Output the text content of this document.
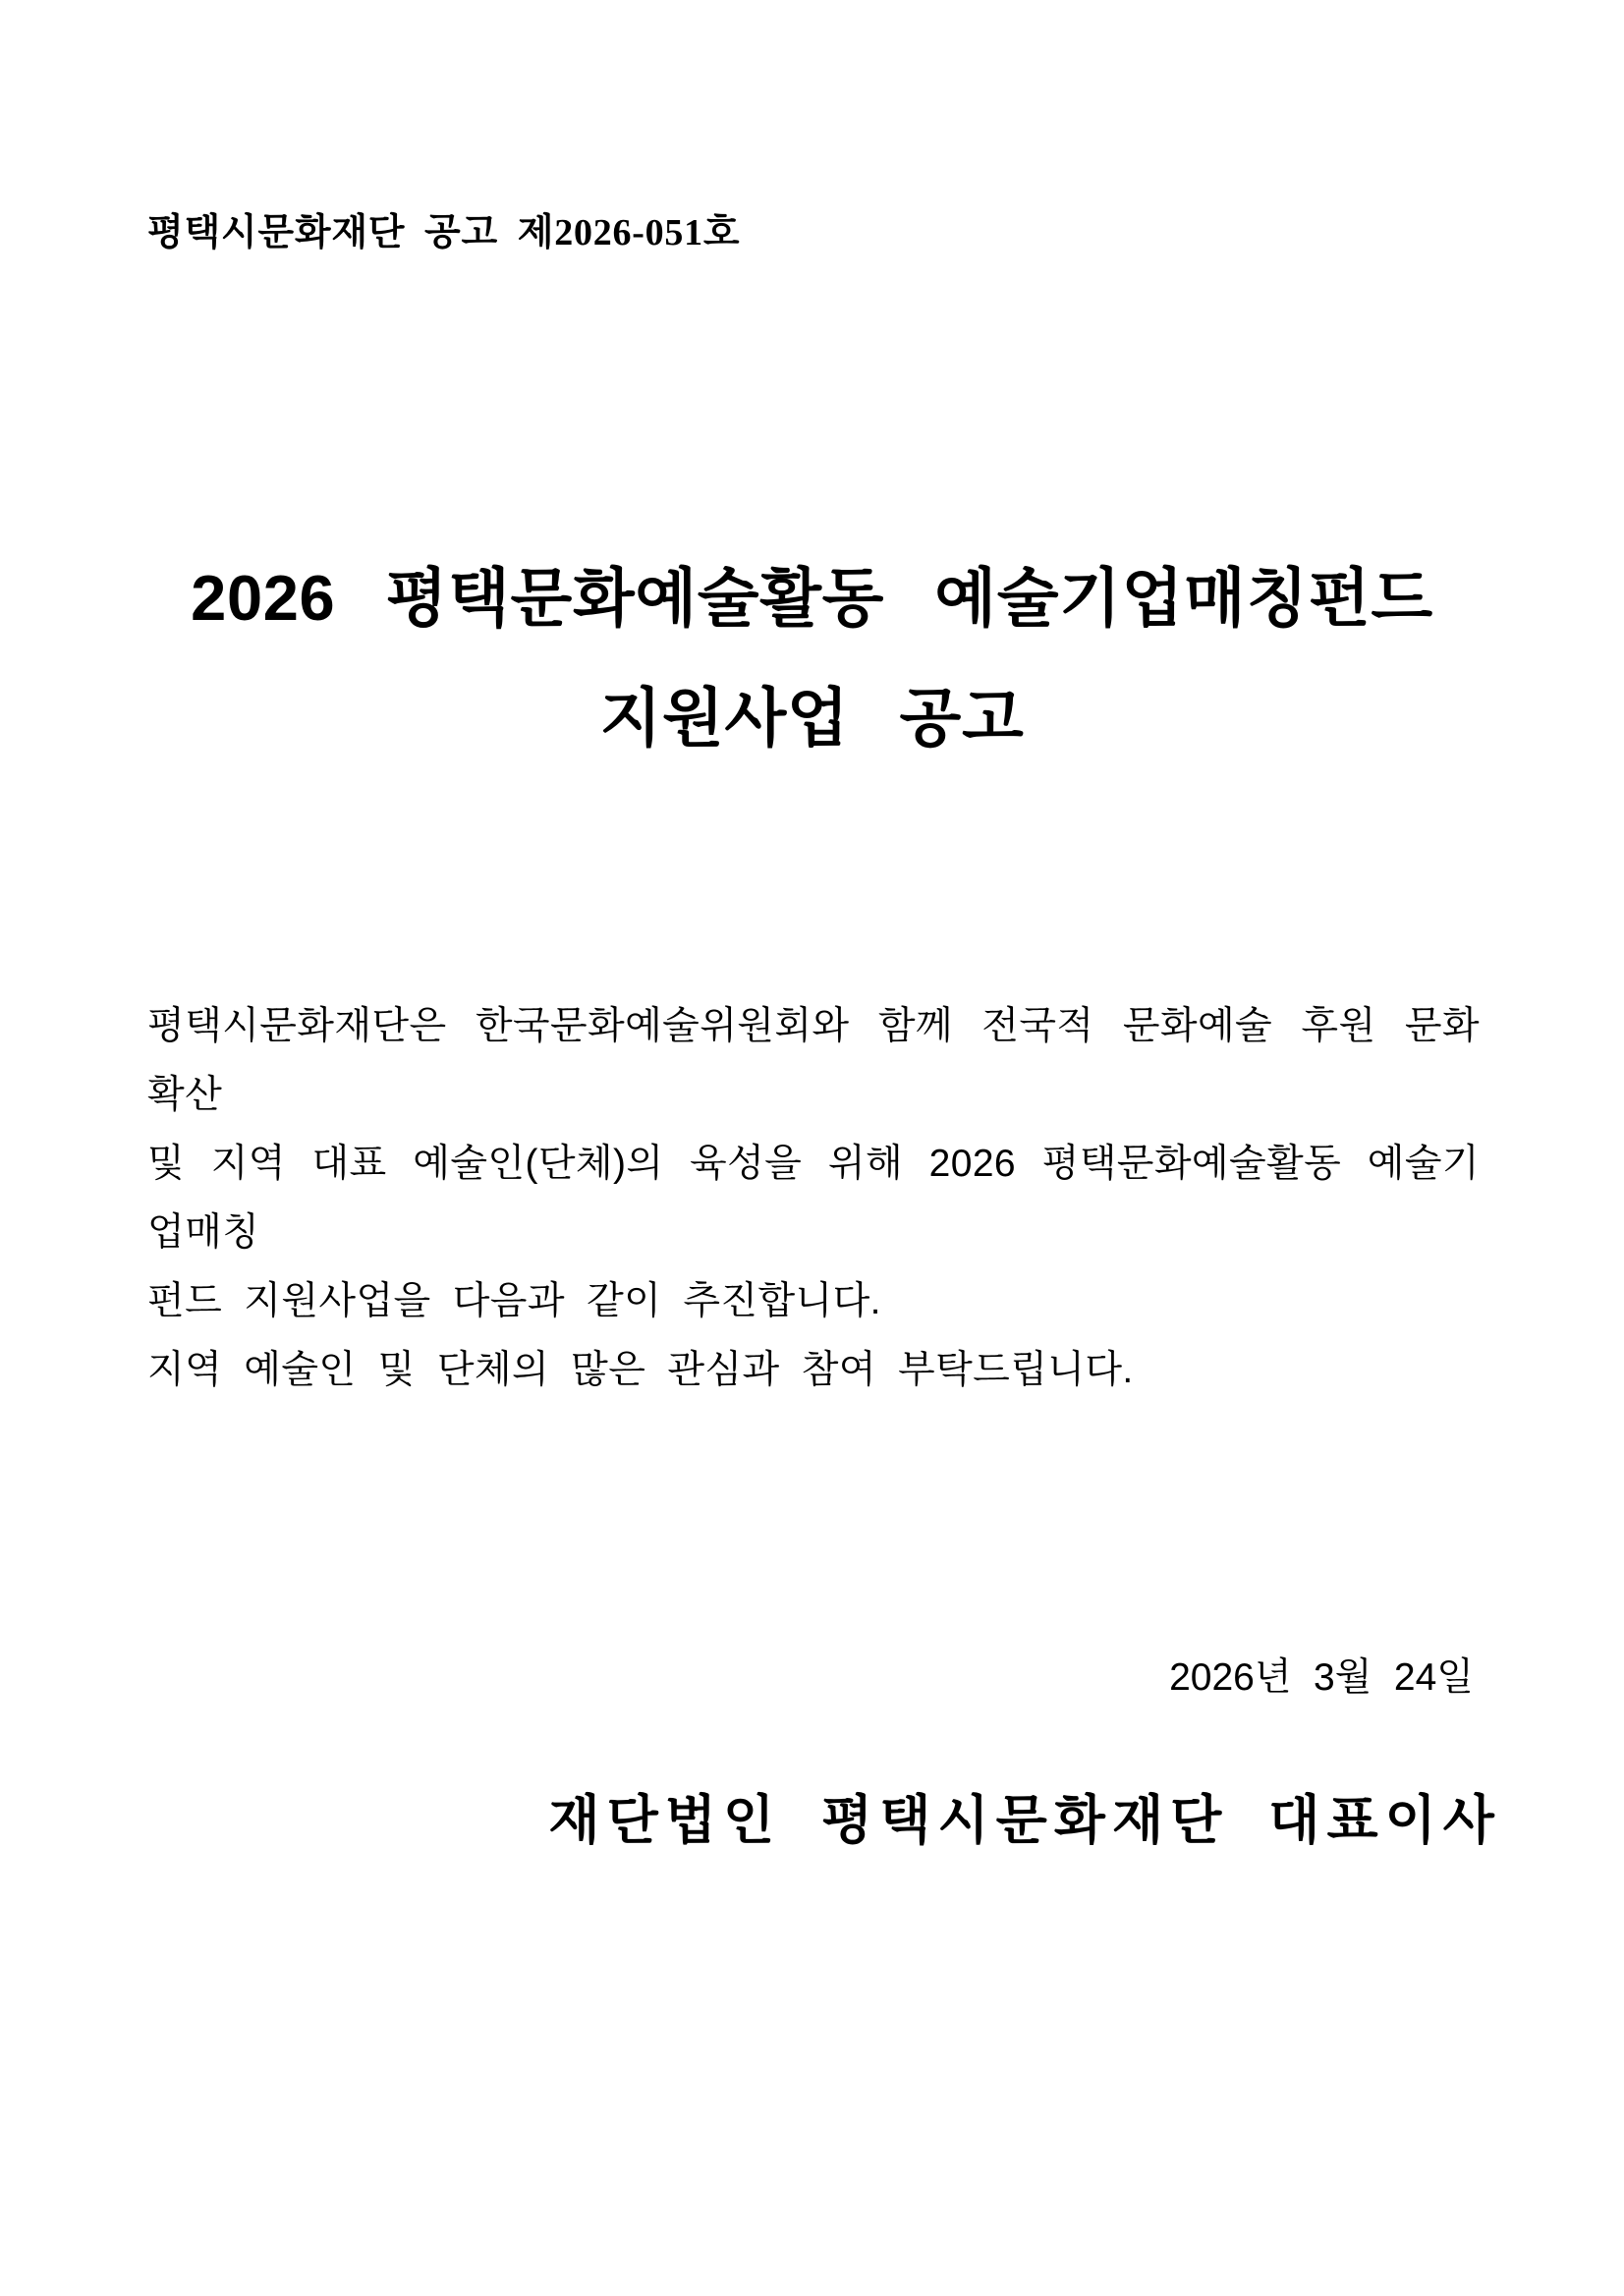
평택시문화재단 공고 제2026-051호
2026 평택문화예술활동 예술기업매칭펀드
지원사업 공고
평택시문화재단은 한국문화예술위원회와 함께 전국적 문화예술 후원 문화 확산
및 지역 대표 예술인(단체)의 육성을 위해 2026 평택문화예술활동 예술기업매칭
펀드 지원사업을 다음과 같이 추진합니다.
지역 예술인 및 단체의 많은 관심과 참여 부탁드립니다.
2026년 3월 24일
재단법인 평택시문화재단 대표이사
